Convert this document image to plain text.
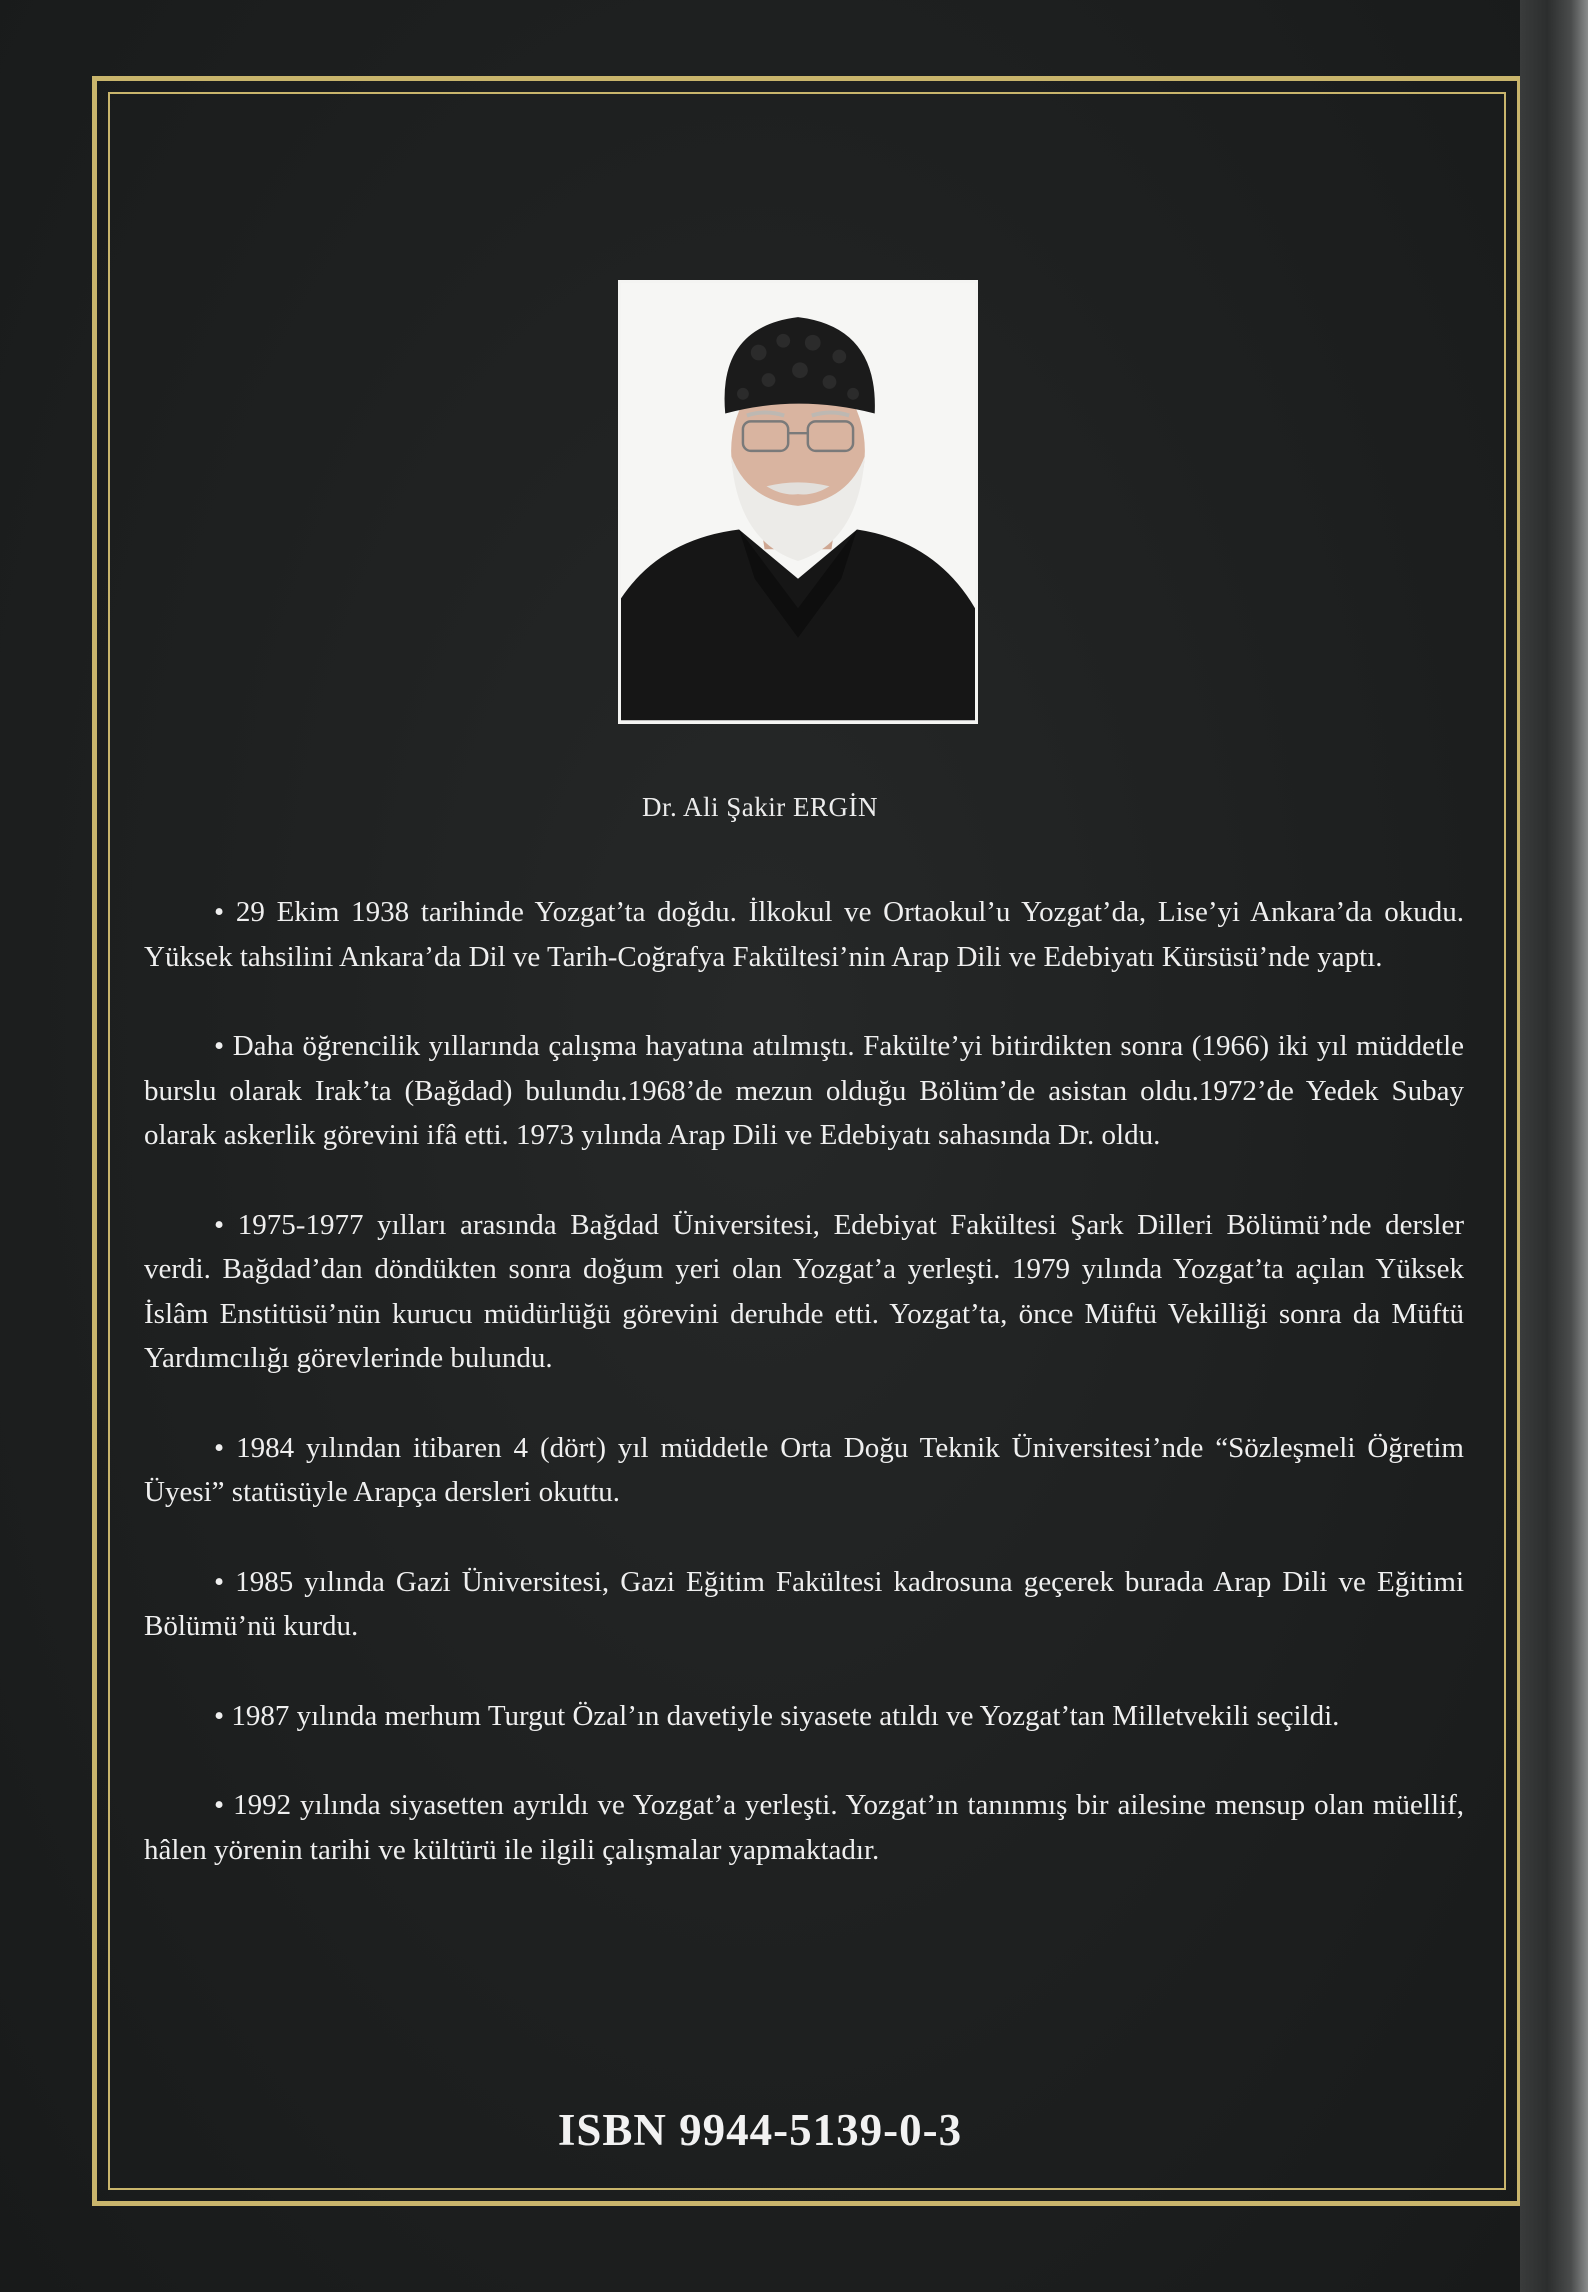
Dr. Ali Şakir ERGİN

• 29 Ekim 1938 tarihinde Yozgat’ta doğdu. İlkokul ve Ortaokul’u Yozgat’da, Lise’yi Ankara’da okudu. Yüksek tahsilini Ankara’da Dil ve Tarih-Coğrafya Fakültesi’nin Arap Dili ve Edebiyatı Kürsüsü’nde yaptı.

• Daha öğrencilik yıllarında çalışma hayatına atılmıştı. Fakülte’yi bitirdikten sonra (1966) iki yıl müddetle burslu olarak Irak’ta (Bağdad) bulundu.1968’de mezun olduğu Bölüm’de asistan oldu.1972’de Yedek Subay olarak askerlik görevini ifâ etti. 1973 yılında Arap Dili ve Edebiyatı sahasında Dr. oldu.

• 1975-1977 yılları arasında Bağdad Üniversitesi, Edebiyat Fakültesi Şark Dilleri Bölümü’nde dersler verdi. Bağdad’dan döndükten sonra doğum yeri olan Yozgat’a yerleşti. 1979 yılında Yozgat’ta açılan Yüksek İslâm Enstitüsü’nün kurucu müdürlüğü görevini deruhde etti. Yozgat’ta, önce Müftü Vekilliği sonra da Müftü Yardımcılığı görevlerinde bulundu.

• 1984 yılından itibaren 4 (dört) yıl müddetle Orta Doğu Teknik Üniversitesi’nde “Sözleşmeli Öğretim Üyesi” statüsüyle Arapça dersleri okuttu.

• 1985 yılında Gazi Üniversitesi, Gazi Eğitim Fakültesi kadrosuna geçerek burada Arap Dili ve Eğitimi Bölümü’nü kurdu.

• 1987 yılında merhum Turgut Özal’ın davetiyle siyasete atıldı ve Yozgat’tan Milletvekili seçildi.

• 1992 yılında siyasetten ayrıldı ve Yozgat’a yerleşti. Yozgat’ın tanınmış bir ailesine mensup olan müellif, hâlen yörenin tarihi ve kültürü ile ilgili çalışmalar yapmaktadır.

ISBN 9944-5139-0-3
